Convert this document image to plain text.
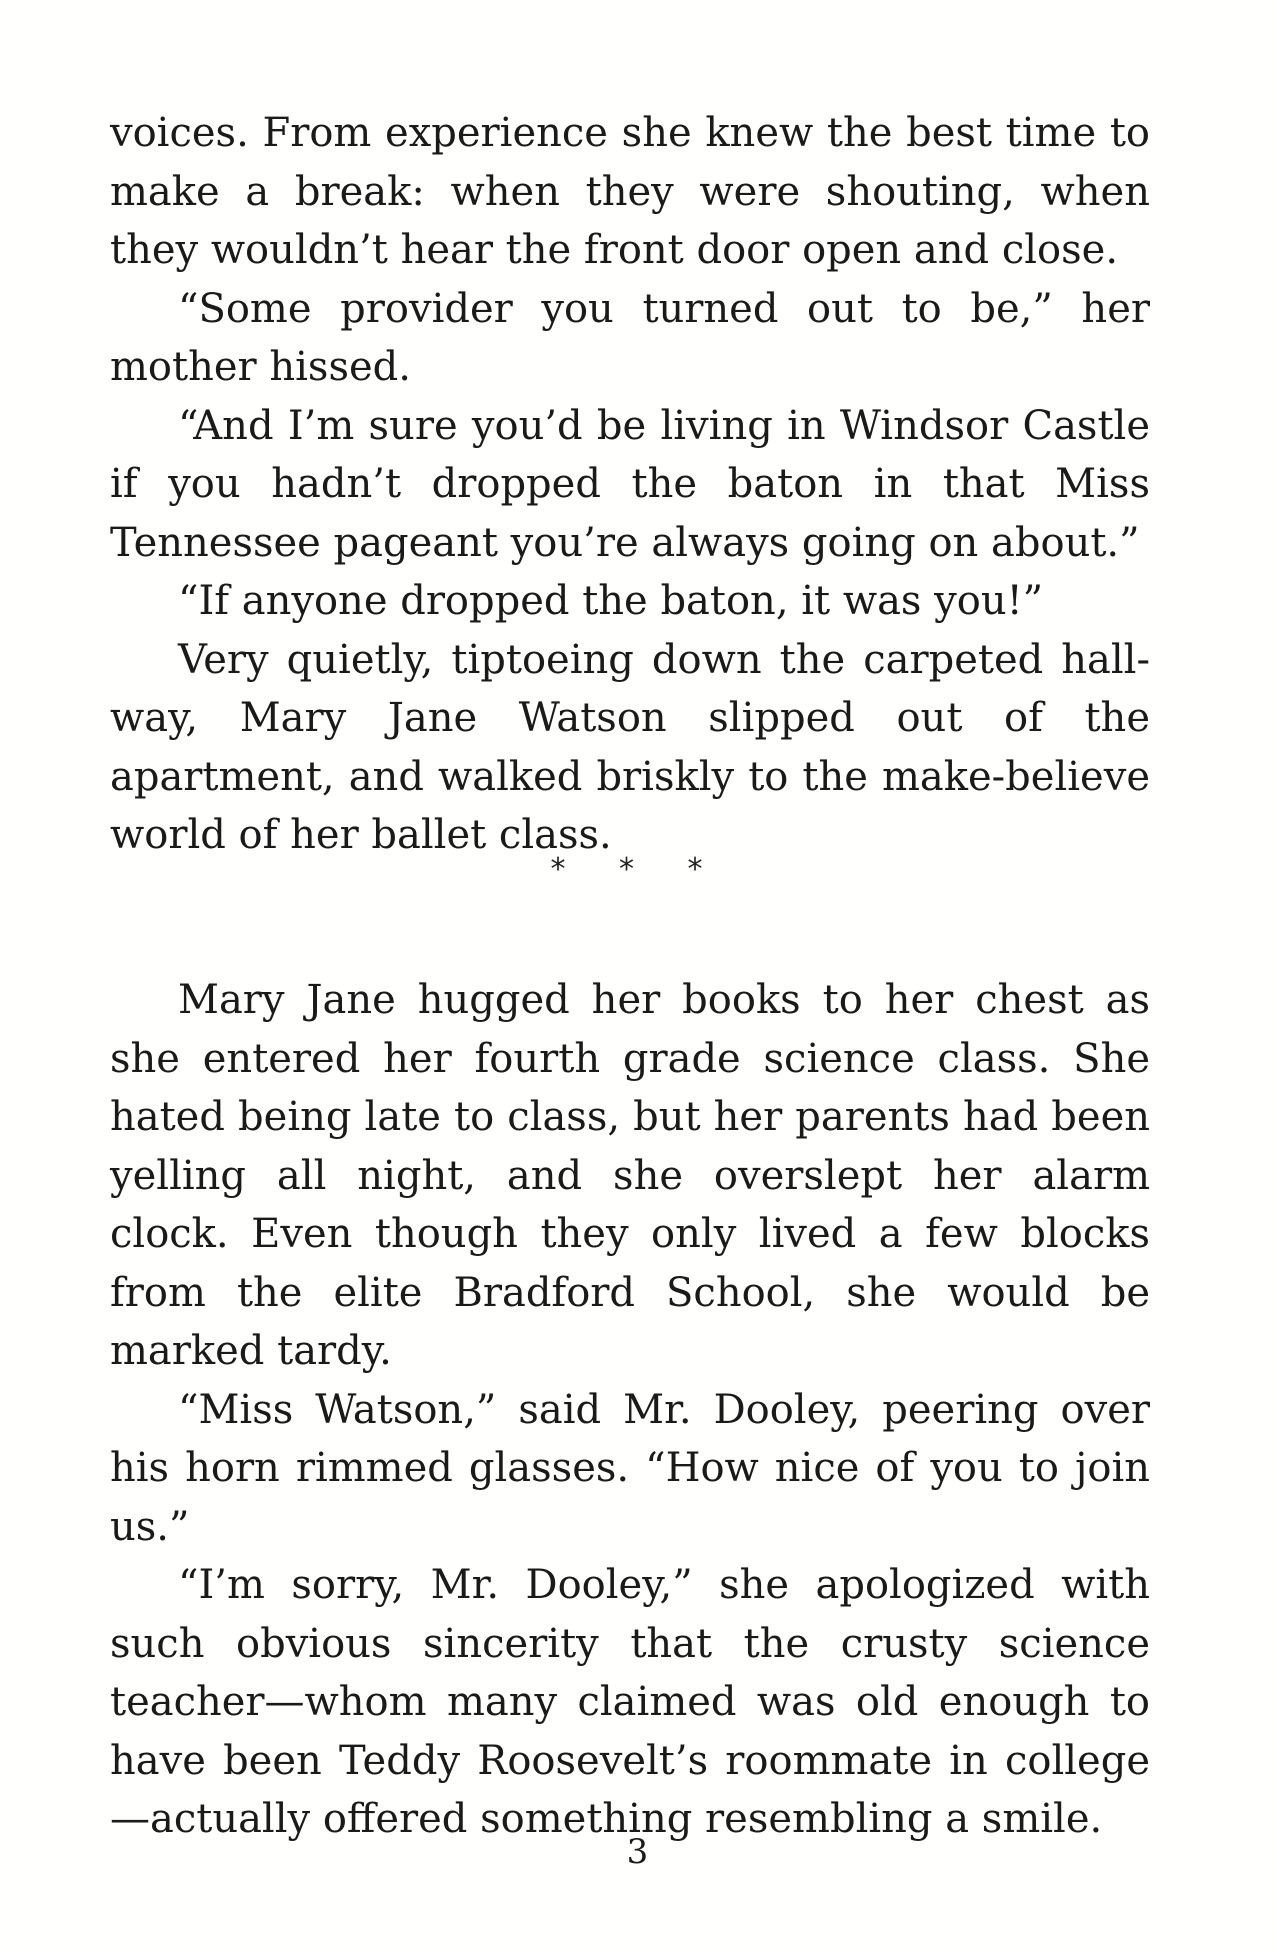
voices. From experience she knew the best time to make a break: when they were shouting, when they wouldn’t hear the front door open and close.

“Some provider you turned out to be,” her mother hissed.

“And I’m sure you’d be living in Windsor Castle if you hadn’t dropped the baton in that Miss Tennessee pageant you’re always going on about.”

“If anyone dropped the baton, it was you!”

Very quietly, tiptoeing down the carpeted hall-way, Mary Jane Watson slipped out of the apartment, and walked briskly to the make-believe world of her ballet class.

* * *

Mary Jane hugged her books to her chest as she entered her fourth grade science class. She hated being late to class, but her parents had been yelling all night, and she overslept her alarm clock. Even though they only lived a few blocks from the elite Bradford School, she would be marked tardy.

“Miss Watson,” said Mr. Dooley, peering over his horn rimmed glasses. “How nice of you to join us.”

“I’m sorry, Mr. Dooley,” she apologized with such obvious sincerity that the crusty science teacher—whom many claimed was old enough to have been Teddy Roosevelt’s roommate in college—actually offered something resembling a smile.

3
